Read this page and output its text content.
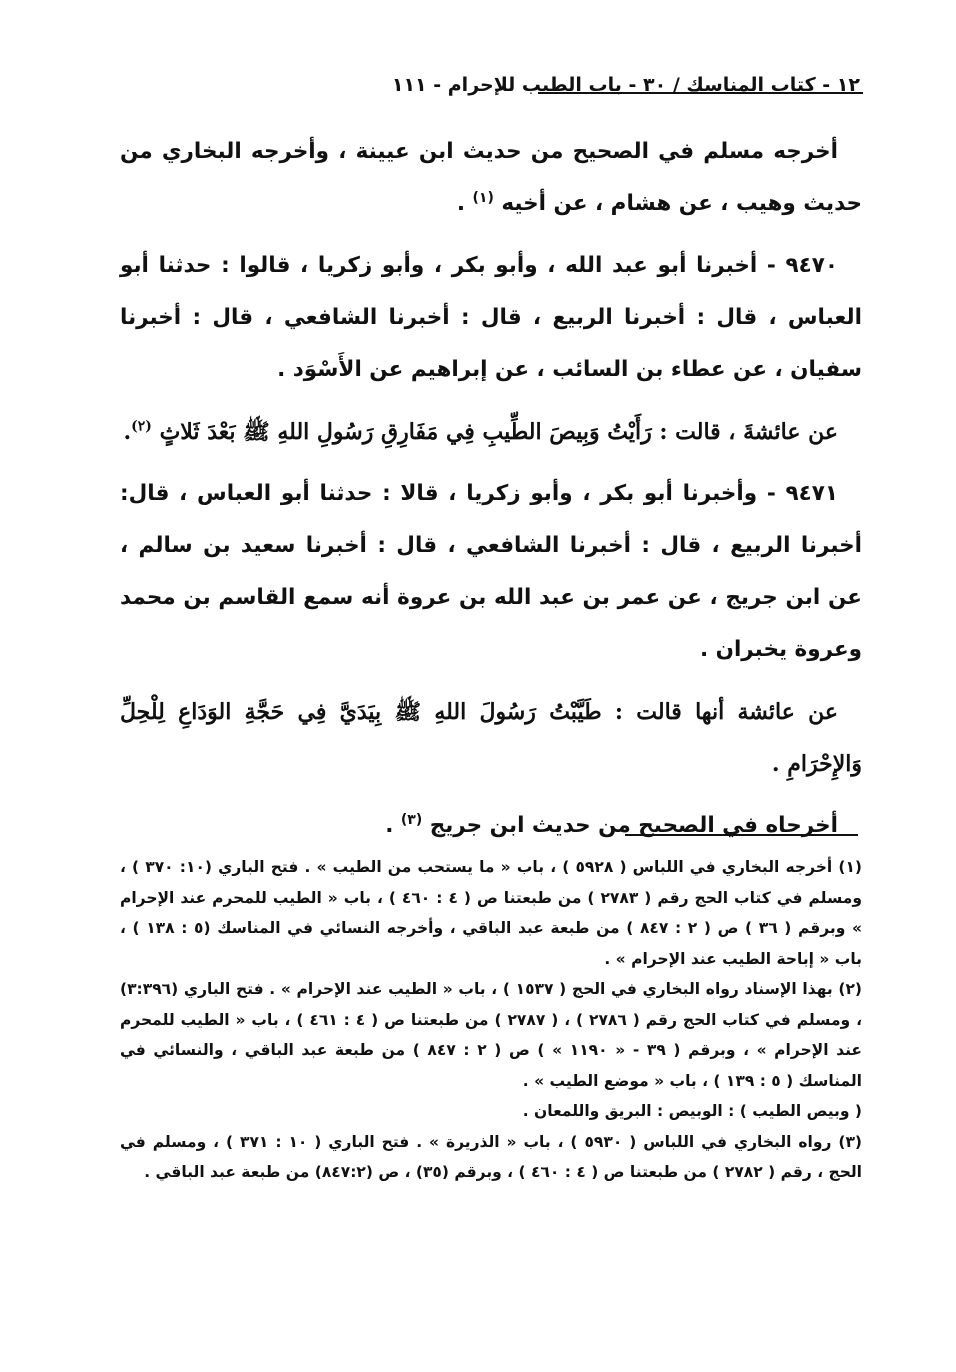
١٢ - كتاب المناسك / ٣٠ - باب الطيب للإحرام - ١١١

أخرجه مسلم في الصحيح من حديث ابن عيينة ، وأخرجه البخاري من حديث وهيب ، عن هشام ، عن أخيه $^{(١)}$ .

٩٤٧٠ - أخبرنا أبو عبد الله ، وأبو بكر ، وأبو زكريا ، قالوا : حدثنا أبو العباس ، قال : أخبرنا الربيع ، قال : أخبرنا الشافعي ، قال : أخبرنا سفيان ، عن عطاء بن السائب ، عن إبراهيم عن الأَسْوَد .

عن عائشةَ ، قالت : رَأَيْتُ وَبِيصَ الطِّيبِ فِي مَفَارِقِ رَسُولِ اللهِ ﷺ بَعْدَ ثَلاثٍ $^{(٢)}$.

٩٤٧١ - وأخبرنا أبو بكر ، وأبو زكريا ، قالا : حدثنا أبو العباس ، قال: أخبرنا الربيع ، قال : أخبرنا الشافعي ، قال : أخبرنا سعيد بن سالم ، عن ابن جريج ، عن عمر بن عبد الله بن عروة أنه سمع القاسم بن محمد وعروة يخبران .

عن عائشة أنها قالت : طَيَّبْتُ رَسُولَ اللهِ ﷺ بِيَدَيَّ فِي حَجَّةِ الوَدَاعِ لِلْحِلِّ وَالإِحْرَامِ .

أخرجاه في الصحيح من حديث ابن جريج $^{(٣)}$ .

(١) أخرجه البخاري في اللباس ( ٥٩٢٨ ) ، باب « ما يستحب من الطيب » . فتح الباري (١٠: ٣٧٠ ) ، ومسلم في كتاب الحج رقم ( ٢٧٨٣ ) من طبعتنا ص ( ٤ : ٤٦٠ ) ، باب « الطيب للمحرم عند الإحرام » وبرقم ( ٣٦ ) ص ( ٢ : ٨٤٧ ) من طبعة عبد الباقي ، وأخرجه النسائي في المناسك (٥ : ١٣٨ ) ، باب « إباحة الطيب عند الإحرام » .

(٢) بهذا الإسناد رواه البخاري في الحج ( ١٥٣٧ ) ، باب « الطيب عند الإحرام » . فتح الباري (٣:٣٩٦) ، ومسلم في كتاب الحج رقم ( ٢٧٨٦ ) ، ( ٢٧٨٧ ) من طبعتنا ص ( ٤ : ٤٦١ ) ، باب « الطيب للمحرم عند الإحرام » ، وبرقم ( ٣٩ - « ١١٩٠ » ) ص ( ٢ : ٨٤٧ ) من طبعة عبد الباقي ، والنسائي في المناسك ( ٥ : ١٣٩ ) ، باب « موضع الطيب » .

( وبيص الطيب ) : الوبيص : البريق واللمعان .

(٣) رواه البخاري في اللباس ( ٥٩٣٠ ) ، باب « الذريرة » . فتح الباري ( ١٠ : ٣٧١ ) ، ومسلم في الحج ، رقم ( ٢٧٨٢ ) من طبعتنا ص ( ٤ : ٤٦٠ ) ، وبرقم (٣٥) ، ص (٨٤٧:٢) من طبعة عبد الباقي .
